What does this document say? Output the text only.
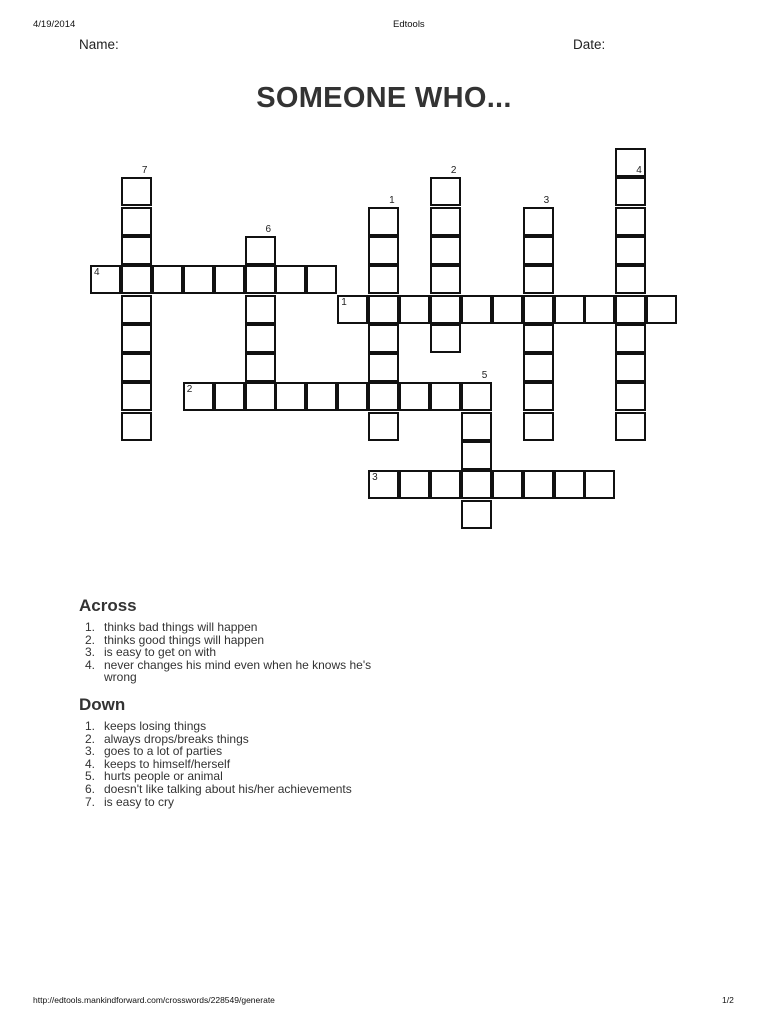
4/19/2014	Edtools
Name:	Date:
SOMEONE WHO...
4
7	2
1	3
6
4
1
2
5
3
Across
1. thinks bad things will happen
2. thinks good things will happen
3. is easy to get on with
4. never changes his mind even when he knows he's wrong
Down
1. keeps losing things
2. always drops/breaks things
3. goes to a lot of parties
4. keeps to himself/herself
5. hurts people or animal
6. doesn't like talking about his/her achievements
7. is easy to cry
http://edtools.mankindforward.com/crosswords/228549/generate	1/2
